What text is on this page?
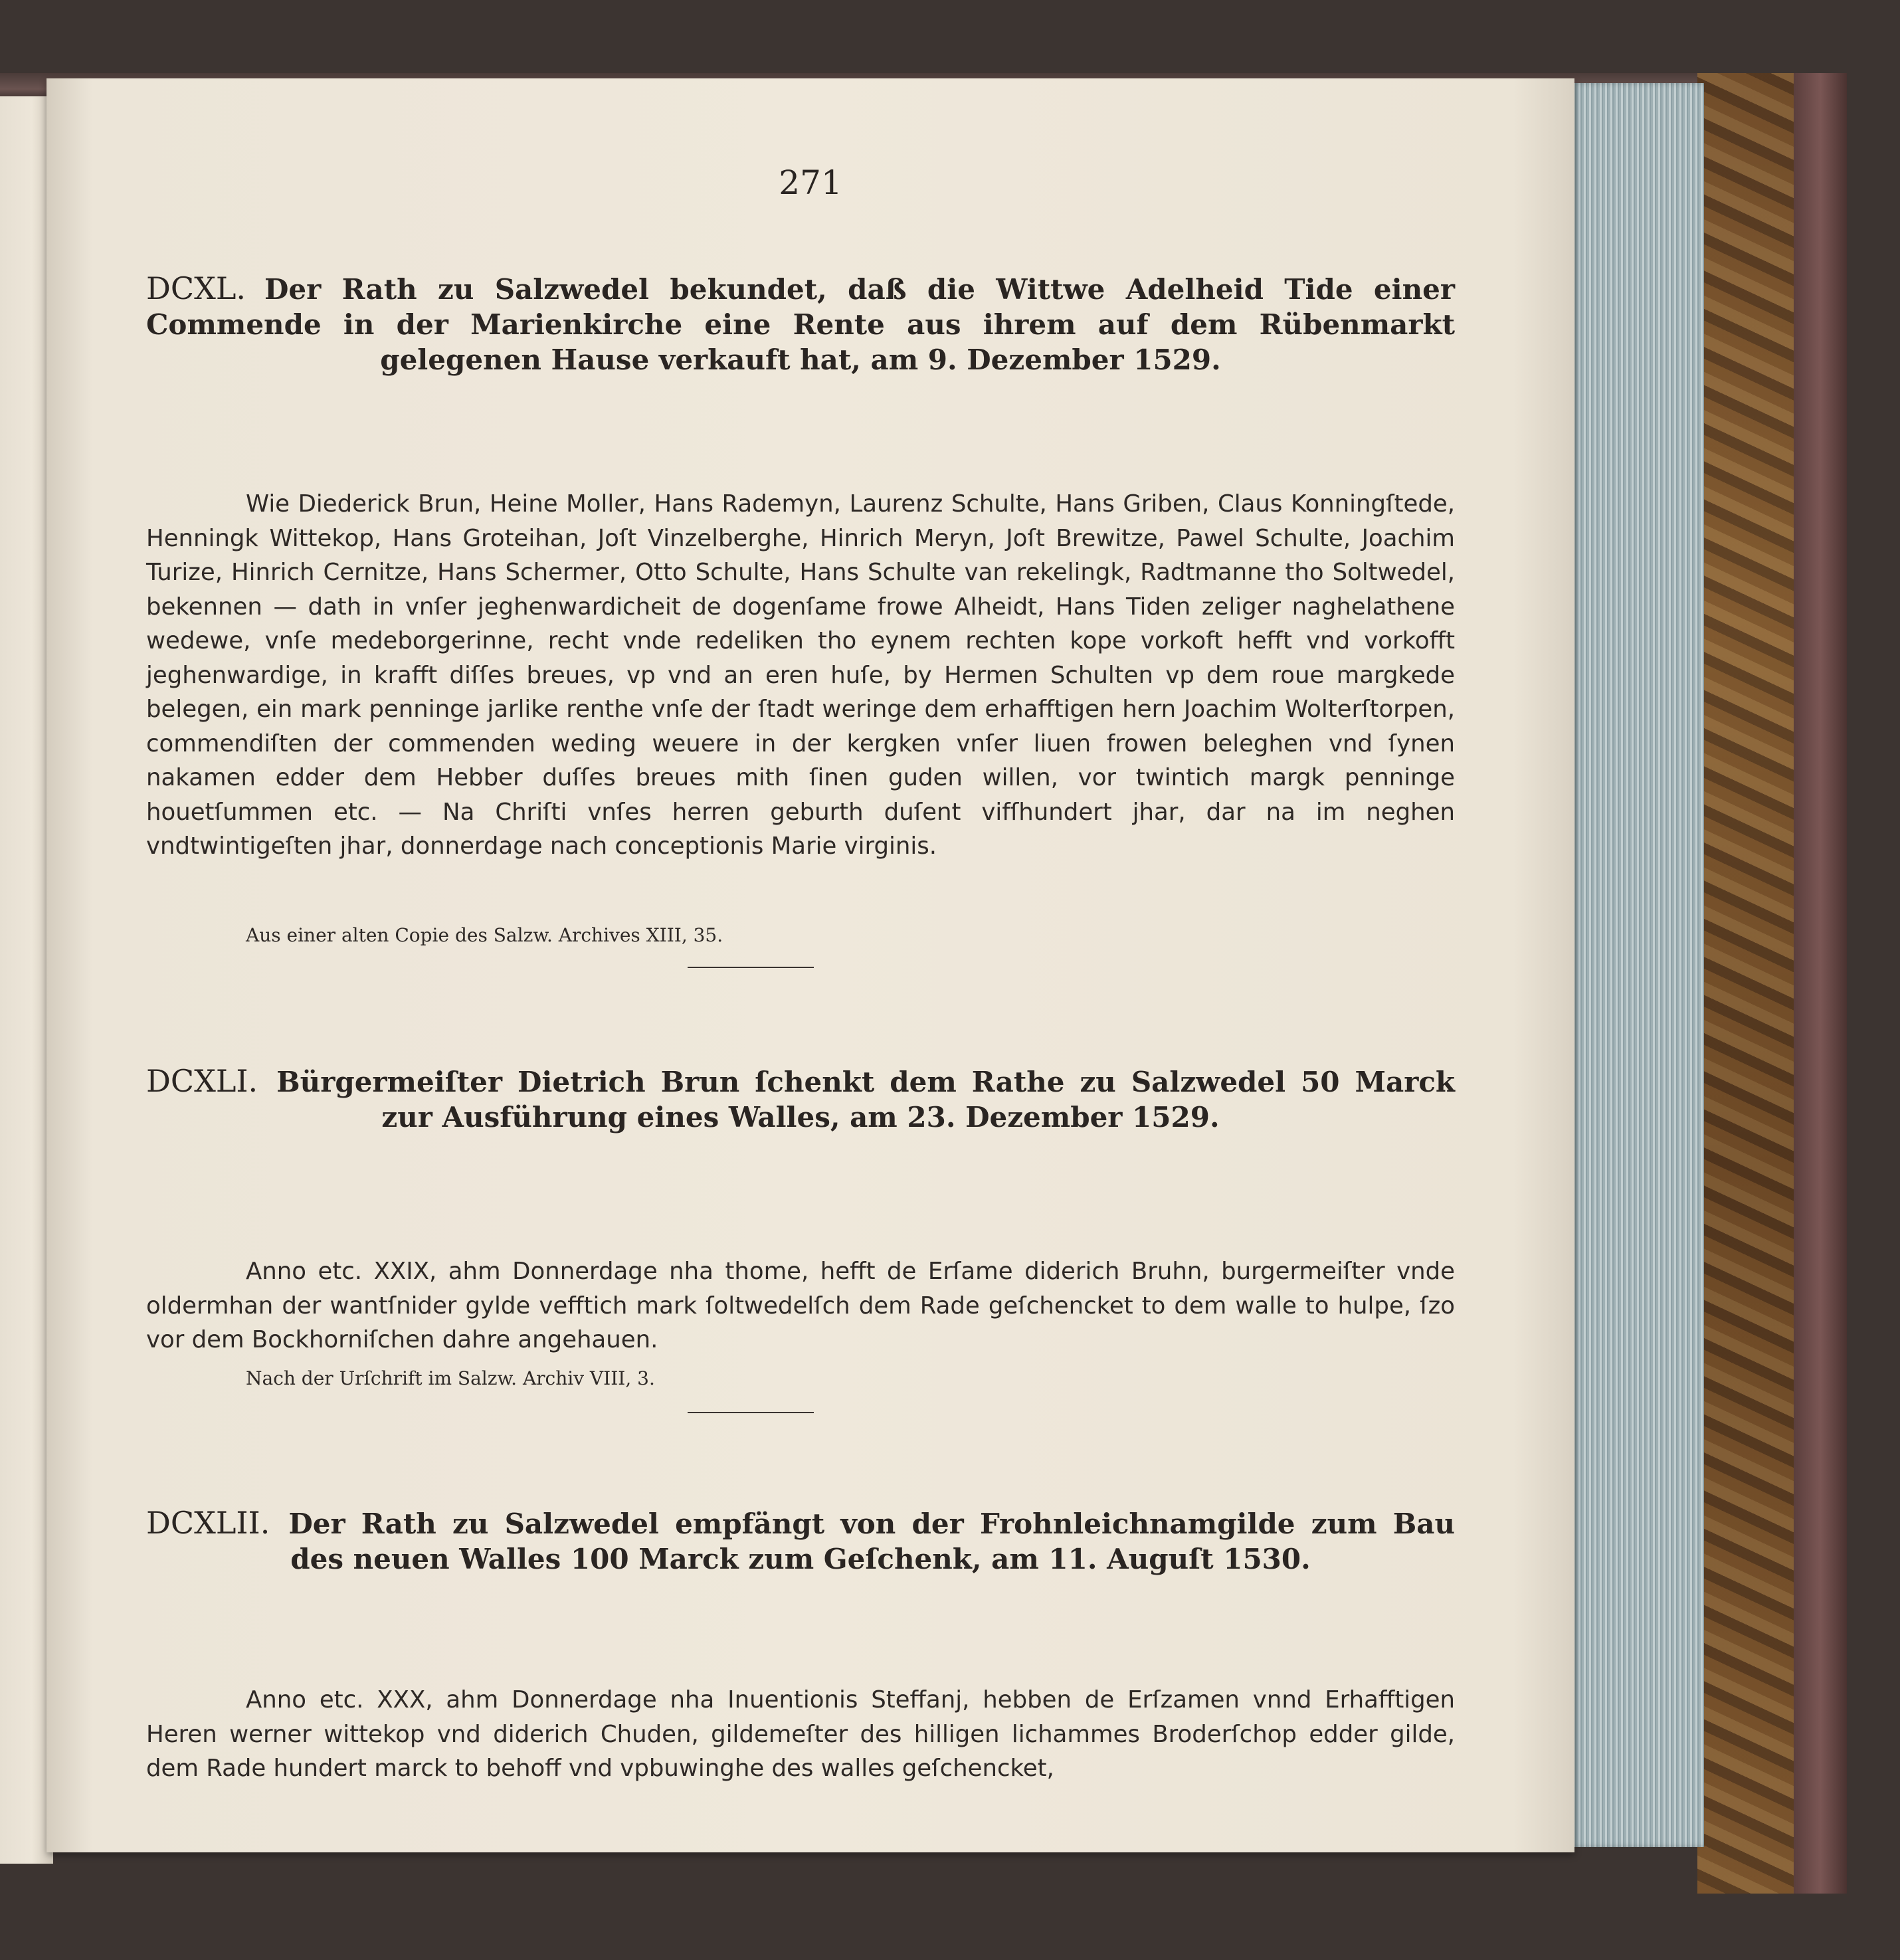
271
DCXL. Der Rath zu Salzwedel bekundet, daß die Wittwe Adelheid Tide einer Commende in der Marienkirche eine Rente aus ihrem auf dem Rübenmarkt gelegenen Hause verkauft hat, am 9. Dezember 1529.
Wie Diederick Brun, Heine Moller, Hans Rademyn, Laurenz Schulte, Hans Griben, Claus Konningſtede, Henningk Wittekop, Hans Groteihan, Joſt Vinzelberghe, Hinrich Meryn, Joſt Brewitze, Pawel Schulte, Joachim Turize, Hinrich Cernitze, Hans Schermer, Otto Schulte, Hans Schulte van rekelingk, Radtmanne tho Soltwedel, bekennen — dath in vnſer jeghenwardicheit de dogenſame frowe Alheidt, Hans Tiden zeliger naghelathene wedewe, vnſe medeborgerinne, recht vnde redeliken tho eynem rechten kope vorkoft hefft vnd vorkofft jeghenwardige, in krafft diſſes breues, vp vnd an eren huſe, by Hermen Schulten vp dem roue margkede belegen, ein mark penninge jarlike renthe vnſe der ſtadt weringe dem erhafftigen hern Joachim Wolterſtorpen, commendiſten der commenden weding weuere in der kergken vnſer liuen frowen beleghen vnd ſynen nakamen edder dem Hebber duſſes breues mith ſinen guden willen, vor twintich margk penninge houetſummen etc. — Na Chriſti vnſes herren geburth duſent vifſhundert jhar, dar na im neghen vndtwintigeſten jhar, donnerdage nach conceptionis Marie virginis.
Aus einer alten Copie des Salzw. Archives XIII, 35.
DCXLI. Bürgermeiſter Dietrich Brun ſchenkt dem Rathe zu Salzwedel 50 Marck zur Ausführung eines Walles, am 23. Dezember 1529.
Anno etc. XXIX, ahm Donnerdage nha thome, hefft de Erſame diderich Bruhn, burgermeiſter vnde oldermhan der wantſnider gylde vefftich mark ſoltwedelſch dem Rade geſchencket to dem walle to hulpe, ſzo vor dem Bockhorniſchen dahre angehauen.
Nach der Urſchrift im Salzw. Archiv VIII, 3.
DCXLII. Der Rath zu Salzwedel empfängt von der Frohnleichnamgilde zum Bau des neuen Walles 100 Marck zum Geſchenk, am 11. Auguſt 1530.
Anno etc. XXX, ahm Donnerdage nha Inuentionis Steffanj, hebben de Erſzamen vnnd Erhafftigen Heren werner wittekop vnd diderich Chuden, gildemeſter des hilligen lichammes Broderſchop edder gilde, dem Rade hundert marck to behoff vnd vpbuwinghe des walles geſchencket,
